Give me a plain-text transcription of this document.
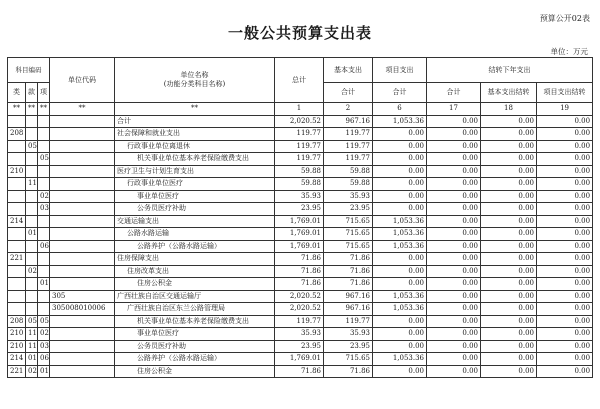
预算公开02表
一般公共预算支出表
单位：万元
科目编码			单位代码	单位名称
(功能分类科目名称)	总计	基本支出	项目支出	结转下年支出		
类	款	项				合计	合计	合计	基本支出结转	项目支出结转
**	**	**	**	**	1	2	6	17	18	19
				合计	2,020.52	967.16	1,053.36	0.00	0.00	0.00
208				社会保障和就业支出	119.77	119.77	0.00	0.00	0.00	0.00
	05			行政事业单位离退休	119.77	119.77	0.00	0.00	0.00	0.00
		05		机关事业单位基本养老保险缴费支出	119.77	119.77	0.00	0.00	0.00	0.00
210				医疗卫生与计划生育支出	59.88	59.88	0.00	0.00	0.00	0.00
	11			行政事业单位医疗	59.88	59.88	0.00	0.00	0.00	0.00
		02		事业单位医疗	35.93	35.93	0.00	0.00	0.00	0.00
		03		公务员医疗补助	23.95	23.95	0.00	0.00	0.00	0.00
214				交通运输支出	1,769.01	715.65	1,053.36	0.00	0.00	0.00
	01			公路水路运输	1,769.01	715.65	1,053.36	0.00	0.00	0.00
		06		公路养护（公路水路运输）	1,769.01	715.65	1,053.36	0.00	0.00	0.00
221				住房保障支出	71.86	71.86	0.00	0.00	0.00	0.00
	02			住房改革支出	71.86	71.86	0.00	0.00	0.00	0.00
		01		住房公积金	71.86	71.86	0.00	0.00	0.00	0.00
			305	广西壮族自治区交通运输厅	2,020.52	967.16	1,053.36	0.00	0.00	0.00
			305008010006	广西壮族自治区东兰公路管理局	2,020.52	967.16	1,053.36	0.00	0.00	0.00
208	05	05		机关事业单位基本养老保险缴费支出	119.77	119.77	0.00	0.00	0.00	0.00
210	11	02		事业单位医疗	35.93	35.93	0.00	0.00	0.00	0.00
210	11	03		公务员医疗补助	23.95	23.95	0.00	0.00	0.00	0.00
214	01	06		公路养护（公路水路运输）	1,769.01	715.65	1,053.36	0.00	0.00	0.00
221	02	01		住房公积金	71.86	71.86	0.00	0.00	0.00	0.00
